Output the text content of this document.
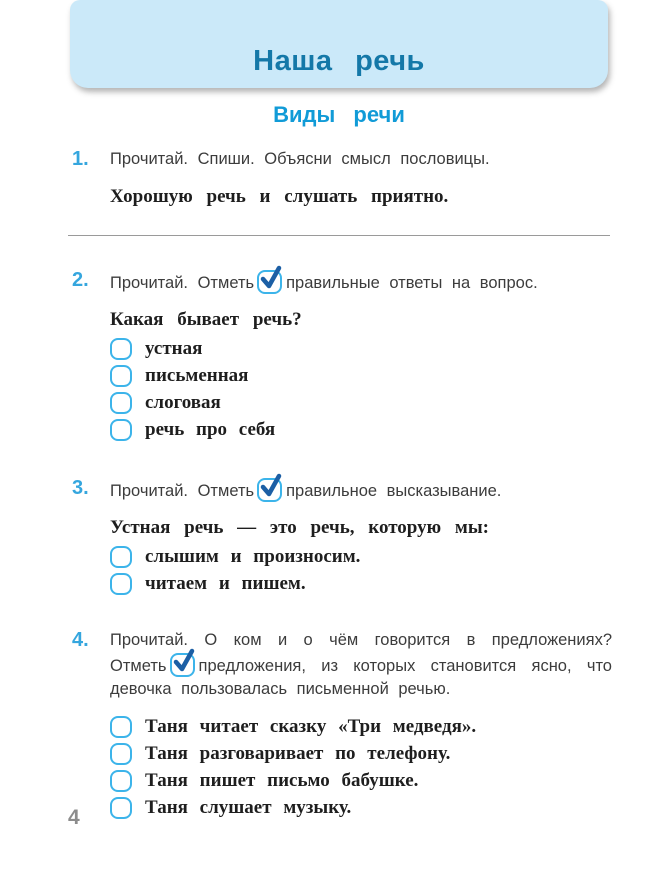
Наша речь
Виды речи
1.	Прочитай. Спиши. Объясни смысл пословицы.
Хорошую речь и слушать приятно.
2.	Прочитай. Отметь правильные ответы на вопрос.
Какая бывает речь?
устная
письменная
слоговая
речь про себя
3.	Прочитай. Отметь правильное высказывание.
Устная речь — это речь, которую мы:
слышим и произносим.
читаем и пишем.
4.	Прочитай. О ком и о чём говорится в предложениях? Отметь предложения, из которых становится ясно, что девочка пользовалась письменной речью.
Таня читает сказку «Три медведя».
Таня разговаривает по телефону.
Таня пишет письмо бабушке.
Таня слушает музыку.
4
